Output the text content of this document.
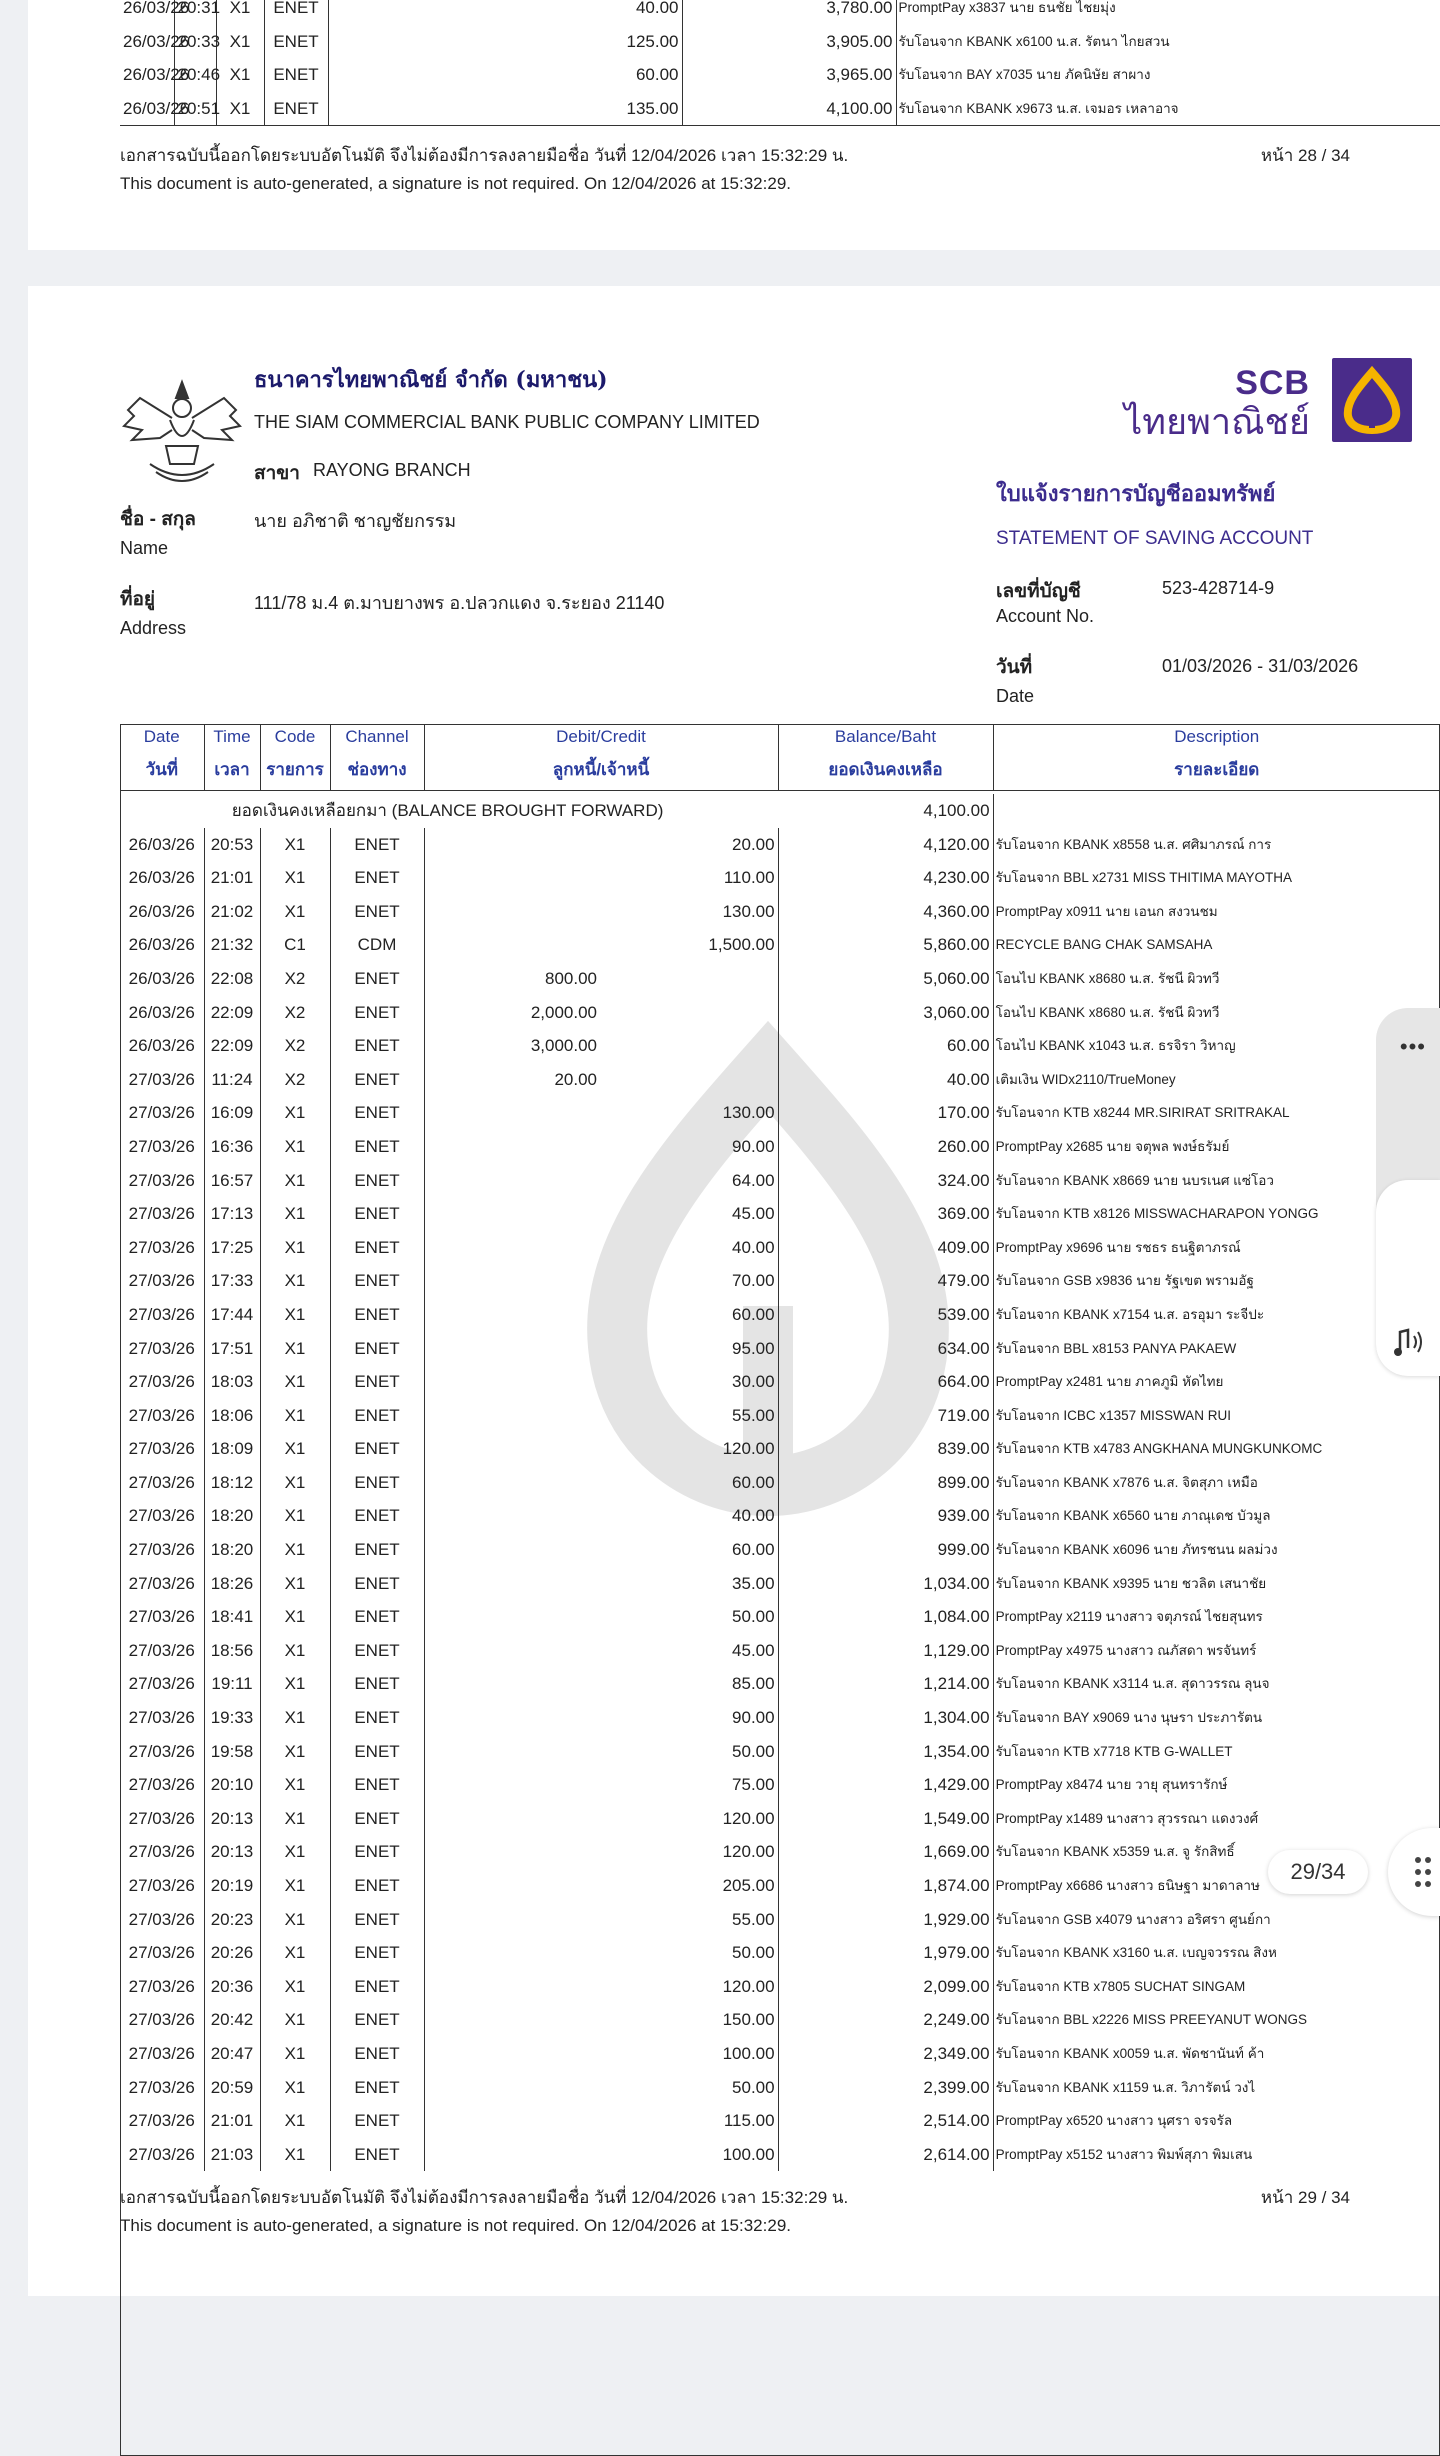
26/03/26	20:31	X1	ENET		40.00	3,780.00	PromptPay x3837 นาย ธนชัย ไชยมุ่ง
26/03/26	20:33	X1	ENET		125.00	3,905.00	รับโอนจาก KBANK x6100 น.ส. รัตนา ไกยสวน
26/03/26	20:46	X1	ENET		60.00	3,965.00	รับโอนจาก BAY x7035 นาย ภัคนิษัย สาผาง
26/03/26	20:51	X1	ENET		135.00	4,100.00	รับโอนจาก KBANK x9673 น.ส. เจมอร เหลาอาจ
เอกสารฉบับนี้ออกโดยระบบอัตโนมัติ จึงไม่ต้องมีการลงลายมือชื่อ วันที่ 12/04/2026 เวลา 15:32:29 น.
This document is auto-generated, a signature is not required. On 12/04/2026 at 15:32:29.
หน้า 28 / 34
ธนาคารไทยพาณิชย์ จำกัด (มหาชน)
THE SIAM COMMERCIAL BANK PUBLIC COMPANY LIMITED
สาขา RAYONG BRANCH
ชื่อ - สกุล
Name
นาย อภิชาติ ชาญชัยกรรม
ที่อยู่
Address
111/78 ม.4 ต.มาบยางพร อ.ปลวกแดง จ.ระยอง 21140
SCB
ไทยพาณิชย์
ใบแจ้งรายการบัญชีออมทรัพย์
STATEMENT OF SAVING ACCOUNT
เลขที่บัญชี
Account No.
523-428714-9
วันที่
Date
01/03/2026 - 31/03/2026
Date	Time	Code	Channel	Debit/Credit	Balance/Baht	Description
วันที่	เวลา	รายการ	ช่องทาง	ลูกหนี้/เจ้าหนี้	ยอดเงินคงเหลือ	รายละเอียด
ยอดเงินคงเหลือยกมา (BALANCE BROUGHT FORWARD)						4,100.00	
26/03/26	20:53	X1	ENET		20.00	4,120.00	รับโอนจาก KBANK x8558 น.ส. ศศิมาภรณ์ การ
26/03/26	21:01	X1	ENET		110.00	4,230.00	รับโอนจาก BBL x2731 MISS THITIMA MAYOTHA
26/03/26	21:02	X1	ENET		130.00	4,360.00	PromptPay x0911 นาย เอนก สงวนชม
26/03/26	21:32	C1	CDM		1,500.00	5,860.00	RECYCLE BANG CHAK SAMSAHA
26/03/26	22:08	X2	ENET	800.00		5,060.00	โอนไป KBANK x8680 น.ส. รัชนี ผิวทวี
26/03/26	22:09	X2	ENET	2,000.00		3,060.00	โอนไป KBANK x8680 น.ส. รัชนี ผิวทวี
26/03/26	22:09	X2	ENET	3,000.00		60.00	โอนไป KBANK x1043 น.ส. ธรจิรา วิหาญ
27/03/26	11:24	X2	ENET	20.00		40.00	เติมเงิน WIDx2110/TrueMoney
27/03/26	16:09	X1	ENET		130.00	170.00	รับโอนจาก KTB x8244 MR.SIRIRAT SRITRAKAL
27/03/26	16:36	X1	ENET		90.00	260.00	PromptPay x2685 นาย จตุพล พงษ์ธรัมย์
27/03/26	16:57	X1	ENET		64.00	324.00	รับโอนจาก KBANK x8669 นาย นบรเนศ แซ่โอว
27/03/26	17:13	X1	ENET		45.00	369.00	รับโอนจาก KTB x8126 MISSWACHARAPON YONGG
27/03/26	17:25	X1	ENET		40.00	409.00	PromptPay x9696 นาย รชธร ธนฐิตาภรณ์
27/03/26	17:33	X1	ENET		70.00	479.00	รับโอนจาก GSB x9836 นาย รัฐเขต พรามอัฐ
27/03/26	17:44	X1	ENET		60.00	539.00	รับโอนจาก KBANK x7154 น.ส. อรอุมา ระจีปะ
27/03/26	17:51	X1	ENET		95.00	634.00	รับโอนจาก BBL x8153 PANYA PAKAEW
27/03/26	18:03	X1	ENET		30.00	664.00	PromptPay x2481 นาย ภาคภูมิ หัดไทย
27/03/26	18:06	X1	ENET		55.00	719.00	รับโอนจาก ICBC x1357 MISSWAN RUI
27/03/26	18:09	X1	ENET		120.00	839.00	รับโอนจาก KTB x4783 ANGKHANA MUNGKUNKOMC
27/03/26	18:12	X1	ENET		60.00	899.00	รับโอนจาก KBANK x7876 น.ส. จิตสุภา เหมือ
27/03/26	18:20	X1	ENET		40.00	939.00	รับโอนจาก KBANK x6560 นาย ภาณุเดช บัวมูล
27/03/26	18:20	X1	ENET		60.00	999.00	รับโอนจาก KBANK x6096 นาย ภัทรชนน ผลม่วง
27/03/26	18:26	X1	ENET		35.00	1,034.00	รับโอนจาก KBANK x9395 นาย ชวลิต เสนาชัย
27/03/26	18:41	X1	ENET		50.00	1,084.00	PromptPay x2119 นางสาว จตุภรณ์ ไชยสุนทร
27/03/26	18:56	X1	ENET		45.00	1,129.00	PromptPay x4975 นางสาว ณภัสดา พรจันทร์
27/03/26	19:11	X1	ENET		85.00	1,214.00	รับโอนจาก KBANK x3114 น.ส. สุดาวรรณ ลุนจ
27/03/26	19:33	X1	ENET		90.00	1,304.00	รับโอนจาก BAY x9069 นาง นุษรา ประภารัตน
27/03/26	19:58	X1	ENET		50.00	1,354.00	รับโอนจาก KTB x7718 KTB G-WALLET
27/03/26	20:10	X1	ENET		75.00	1,429.00	PromptPay x8474 นาย วายุ สุนทรารักษ์
27/03/26	20:13	X1	ENET		120.00	1,549.00	PromptPay x1489 นางสาว สุวรรณา แดงวงศ์
27/03/26	20:13	X1	ENET		120.00	1,669.00	รับโอนจาก KBANK x5359 น.ส. จู รักสิทธิ์
27/03/26	20:19	X1	ENET		205.00	1,874.00	PromptPay x6686 นางสาว ธนิษฐา มาดาลาษ
27/03/26	20:23	X1	ENET		55.00	1,929.00	รับโอนจาก GSB x4079 นางสาว อริศรา ศูนย์กา
27/03/26	20:26	X1	ENET		50.00	1,979.00	รับโอนจาก KBANK x3160 น.ส. เบญจวรรณ สิงห
27/03/26	20:36	X1	ENET		120.00	2,099.00	รับโอนจาก KTB x7805 SUCHAT SINGAM
27/03/26	20:42	X1	ENET		150.00	2,249.00	รับโอนจาก BBL x2226 MISS PREEYANUT WONGS
27/03/26	20:47	X1	ENET		100.00	2,349.00	รับโอนจาก KBANK x0059 น.ส. พัดชานันท์ ค้า
27/03/26	20:59	X1	ENET		50.00	2,399.00	รับโอนจาก KBANK x1159 น.ส. วิภารัตน์ วงไ
27/03/26	21:01	X1	ENET		115.00	2,514.00	PromptPay x6520 นางสาว นุศรา จรจรัล
27/03/26	21:03	X1	ENET		100.00	2,614.00	PromptPay x5152 นางสาว พิมพ์สุภา พิมเสน
เอกสารฉบับนี้ออกโดยระบบอัตโนมัติ จึงไม่ต้องมีการลงลายมือชื่อ วันที่ 12/04/2026 เวลา 15:32:29 น.
This document is auto-generated, a signature is not required. On 12/04/2026 at 15:32:29.
หน้า 29 / 34
•••
29/34
